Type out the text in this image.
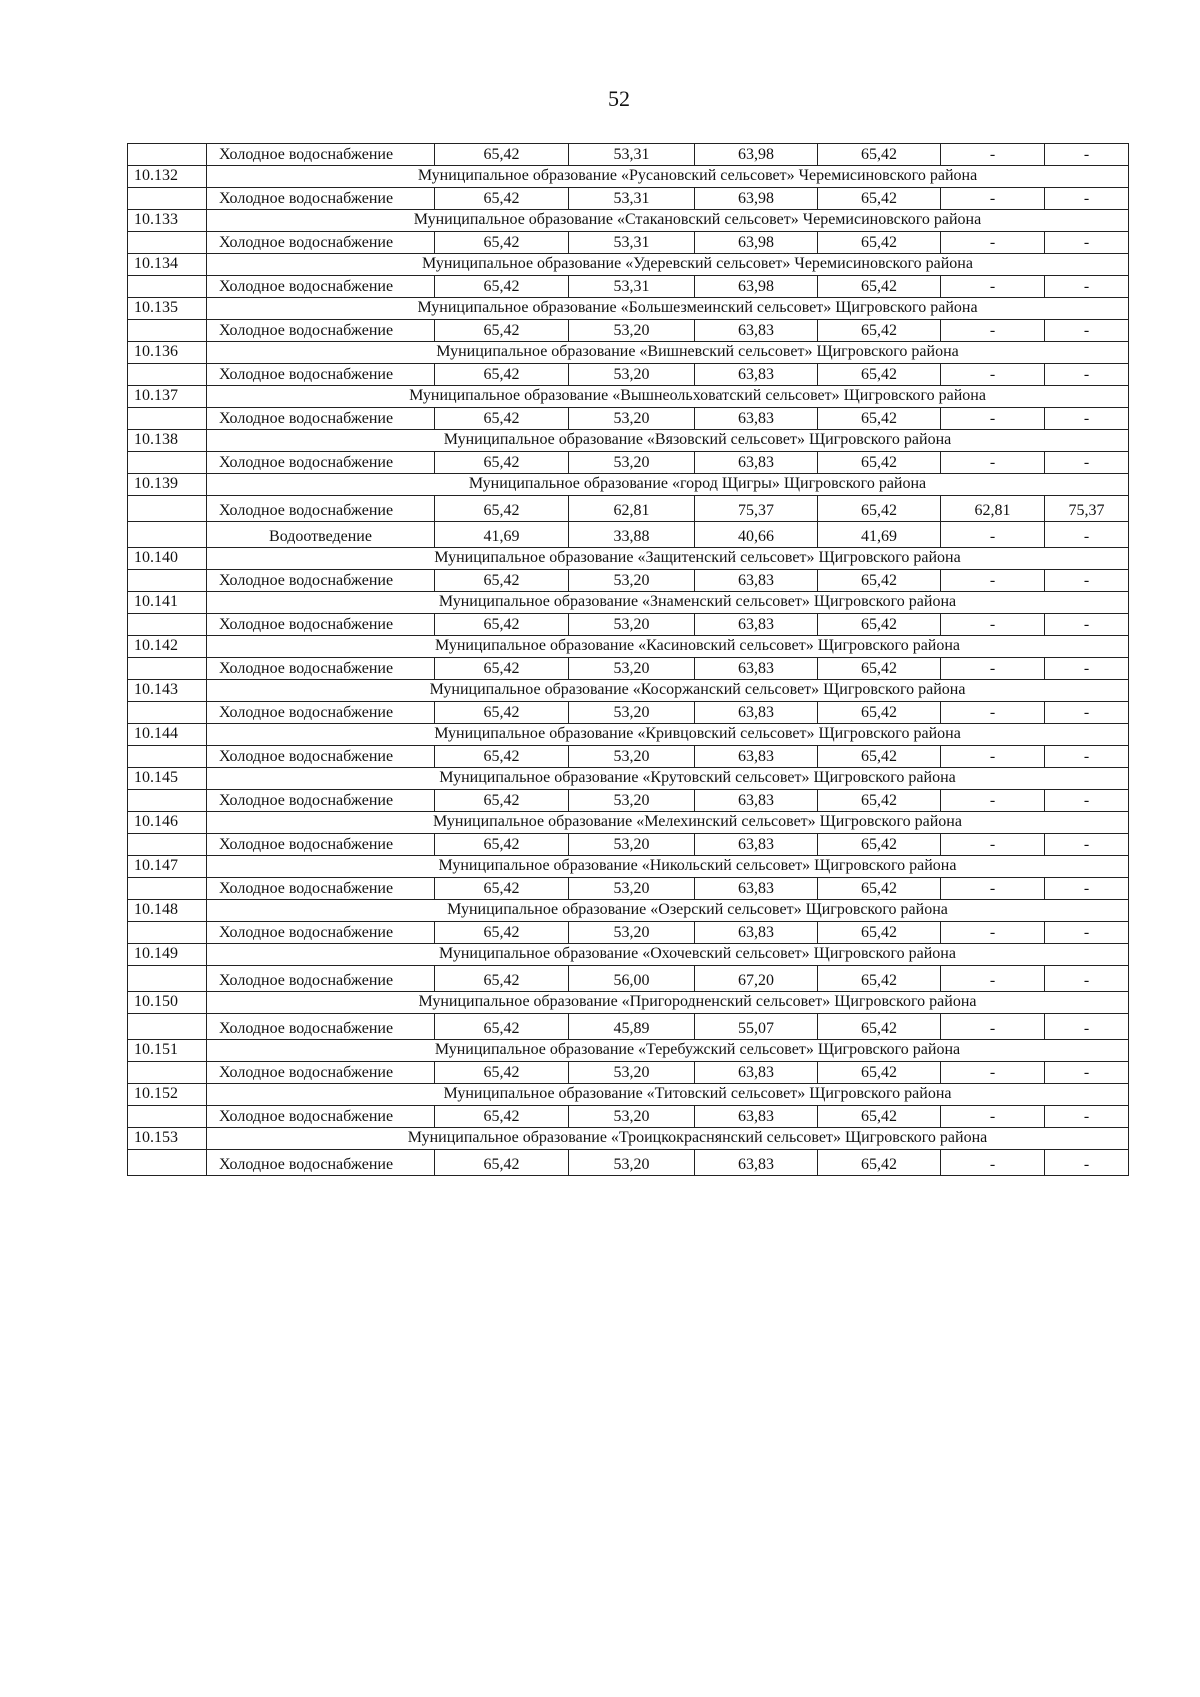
52
	Холодное водоснабжение	65,42	53,31	63,98	65,42	-	-
10.132	Муниципальное образование «Русановский сельсовет» Черемисиновского района						
	Холодное водоснабжение	65,42	53,31	63,98	65,42	-	-
10.133	Муниципальное образование «Стакановский сельсовет» Черемисиновского района						
	Холодное водоснабжение	65,42	53,31	63,98	65,42	-	-
10.134	Муниципальное образование «Удеревский сельсовет» Черемисиновского района						
	Холодное водоснабжение	65,42	53,31	63,98	65,42	-	-
10.135	Муниципальное образование «Большезмеинский сельсовет» Щигровского района						
	Холодное водоснабжение	65,42	53,20	63,83	65,42	-	-
10.136	Муниципальное образование «Вишневский сельсовет» Щигровского района						
	Холодное водоснабжение	65,42	53,20	63,83	65,42	-	-
10.137	Муниципальное образование «Вышнеольховатский сельсовет» Щигровского района						
	Холодное водоснабжение	65,42	53,20	63,83	65,42	-	-
10.138	Муниципальное образование «Вязовский сельсовет» Щигровского района						
	Холодное водоснабжение	65,42	53,20	63,83	65,42	-	-
10.139	Муниципальное образование «город Щигры» Щигровского района						
	Холодное водоснабжение	65,42	62,81	75,37	65,42	62,81	75,37
	Водоотведение	41,69	33,88	40,66	41,69	-	-
10.140	Муниципальное образование «Защитенский сельсовет» Щигровского района						
	Холодное водоснабжение	65,42	53,20	63,83	65,42	-	-
10.141	Муниципальное образование «Знаменский сельсовет» Щигровского района						
	Холодное водоснабжение	65,42	53,20	63,83	65,42	-	-
10.142	Муниципальное образование «Касиновский сельсовет» Щигровского района						
	Холодное водоснабжение	65,42	53,20	63,83	65,42	-	-
10.143	Муниципальное образование «Косоржанский сельсовет» Щигровского района						
	Холодное водоснабжение	65,42	53,20	63,83	65,42	-	-
10.144	Муниципальное образование «Кривцовский сельсовет» Щигровского района						
	Холодное водоснабжение	65,42	53,20	63,83	65,42	-	-
10.145	Муниципальное образование «Крутовский сельсовет» Щигровского района						
	Холодное водоснабжение	65,42	53,20	63,83	65,42	-	-
10.146	Муниципальное образование «Мелехинский сельсовет» Щигровского района						
	Холодное водоснабжение	65,42	53,20	63,83	65,42	-	-
10.147	Муниципальное образование «Никольский сельсовет» Щигровского района						
	Холодное водоснабжение	65,42	53,20	63,83	65,42	-	-
10.148	Муниципальное образование «Озерский сельсовет» Щигровского района						
	Холодное водоснабжение	65,42	53,20	63,83	65,42	-	-
10.149	Муниципальное образование «Охочевский сельсовет» Щигровского района						
	Холодное водоснабжение	65,42	56,00	67,20	65,42	-	-
10.150	Муниципальное образование «Пригородненский сельсовет» Щигровского района						
	Холодное водоснабжение	65,42	45,89	55,07	65,42	-	-
10.151	Муниципальное образование «Теребужский сельсовет» Щигровского района						
	Холодное водоснабжение	65,42	53,20	63,83	65,42	-	-
10.152	Муниципальное образование «Титовский сельсовет» Щигровского района						
	Холодное водоснабжение	65,42	53,20	63,83	65,42	-	-
10.153	Муниципальное образование «Троицкокраснянский сельсовет» Щигровского района						
	Холодное водоснабжение	65,42	53,20	63,83	65,42	-	-
